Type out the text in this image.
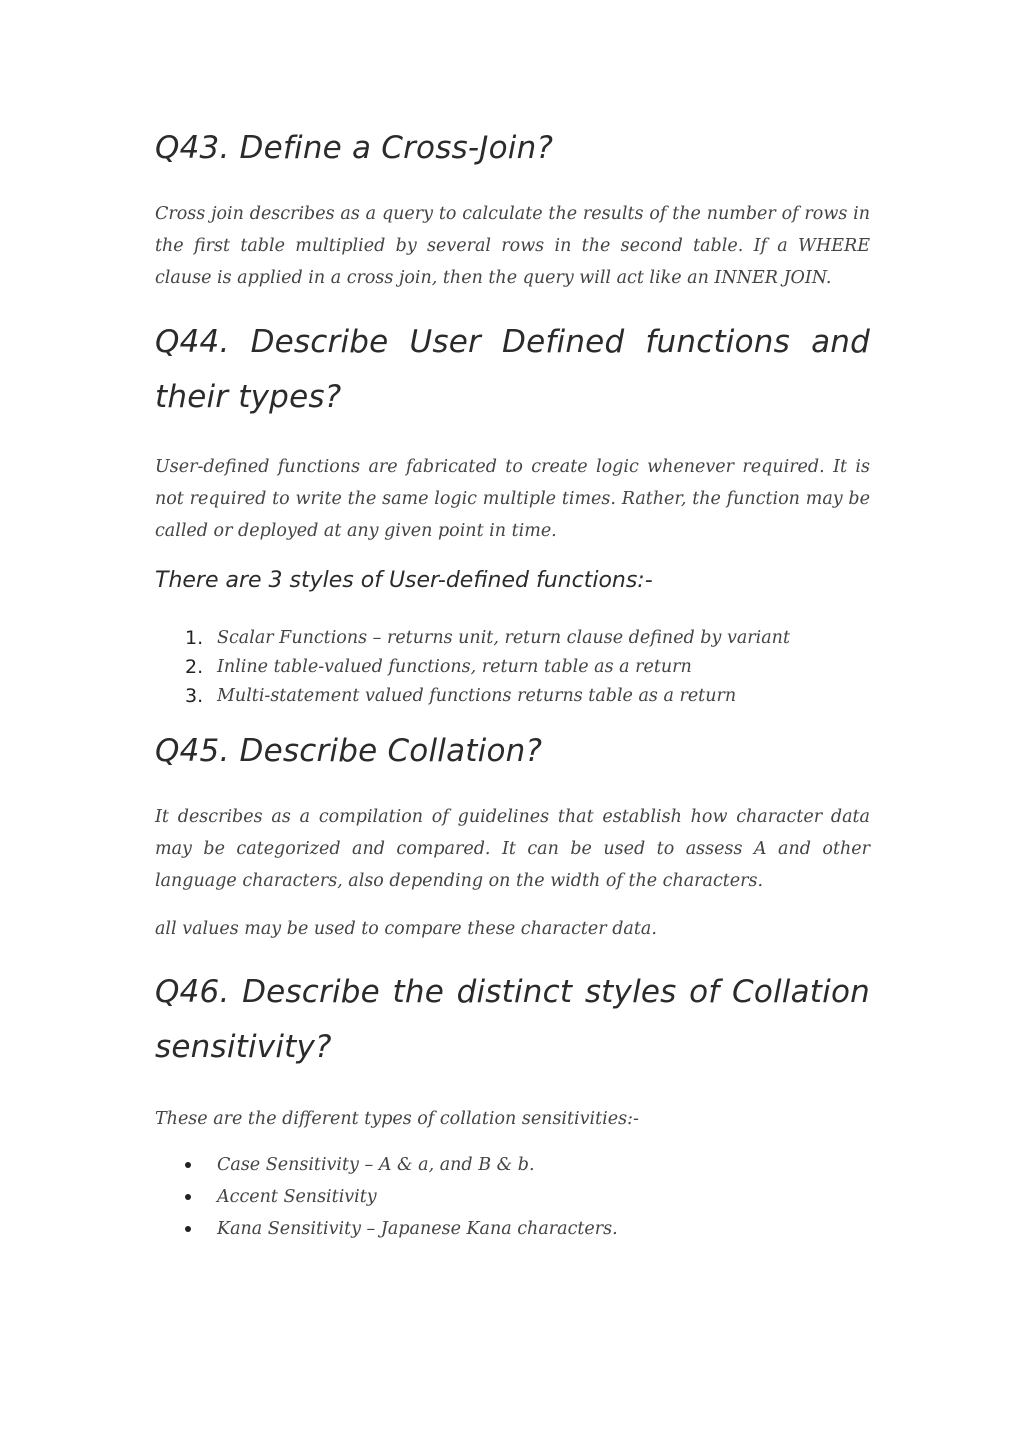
Q43. Define a Cross-Join?

Cross join describes as a query to calculate the results of the number of rows in the first table multiplied by several rows in the second table. If a WHERE clause is applied in a cross join, then the query will act like an INNER JOIN.

Q44. Describe User Defined functions and their types?

User-defined functions are fabricated to create logic whenever required. It is not required to write the same logic multiple times. Rather, the function may be called or deployed at any given point in time.

There are 3 styles of User-defined functions:-
1. Scalar Functions – returns unit, return clause defined by variant
2. Inline table-valued functions, return table as a return
3. Multi-statement valued functions returns table as a return
Q45. Describe Collation?

It describes as a compilation of guidelines that establish how character data may be categorized and compared. It can be used to assess A and other language characters, also depending on the width of the characters.

all values may be used to compare these character data.

Q46. Describe the distinct styles of Collation sensitivity?

These are the different types of collation sensitivities:-

Case Sensitivity – A & a, and B & b.
Accent Sensitivity
Kana Sensitivity – Japanese Kana characters.
